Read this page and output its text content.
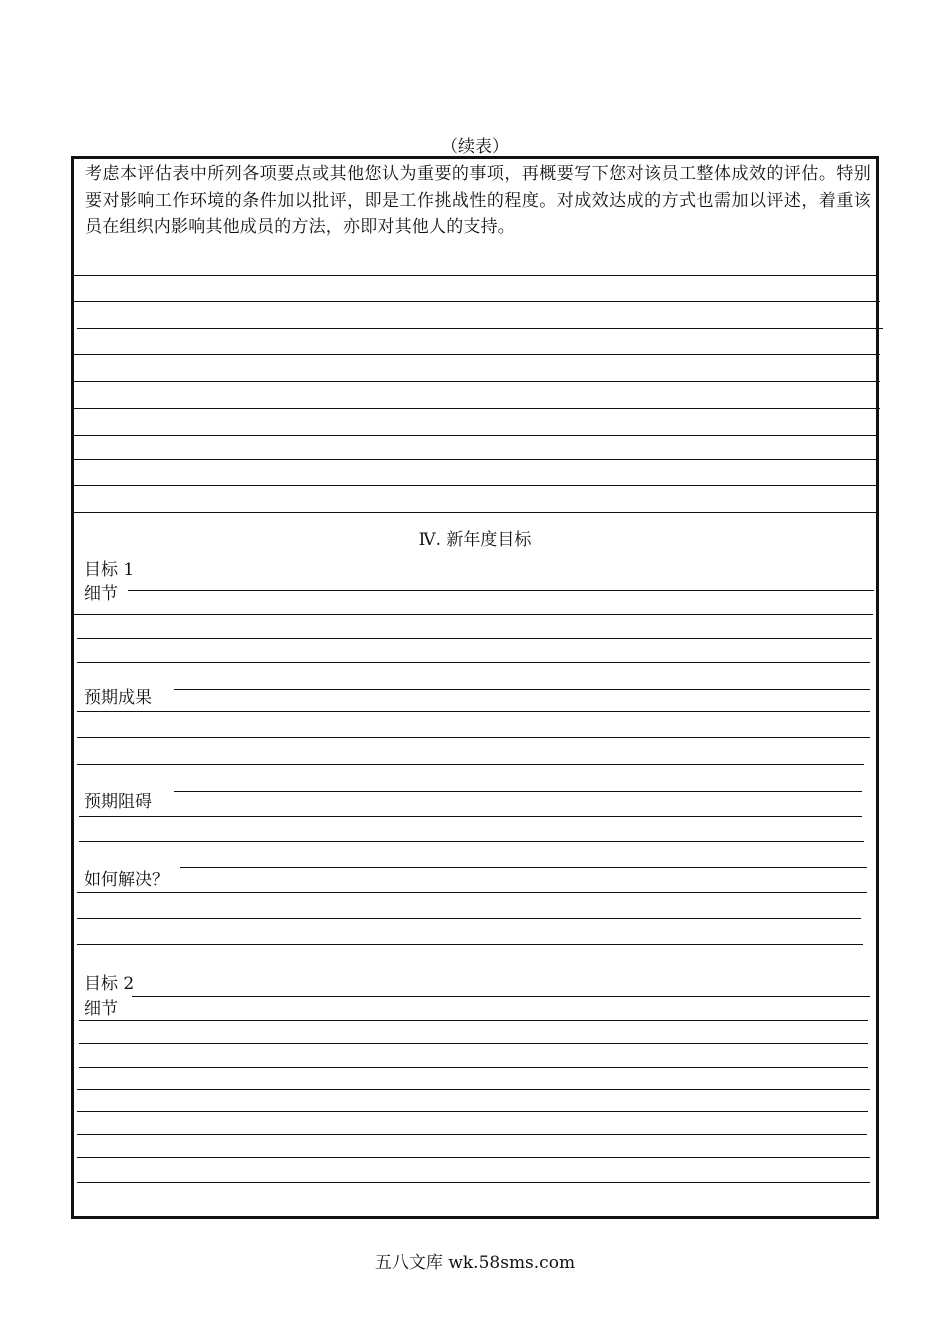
（续表）
考虑本评估表中所列各项要点或其他您认为重要的事项，再概要写下您对该员工整体成效的评估。特别要对影响工作环境的条件加以批评，即是工作挑战性的程度。对成效达成的方式也需加以评述，着重该员在组织内影响其他成员的方法，亦即对其他人的支持。
Ⅳ. 新年度目标
目标 1
细节
预期成果
预期阻碍
如何解决？
目标 2
细节
五八文库 wk.58sms.com
